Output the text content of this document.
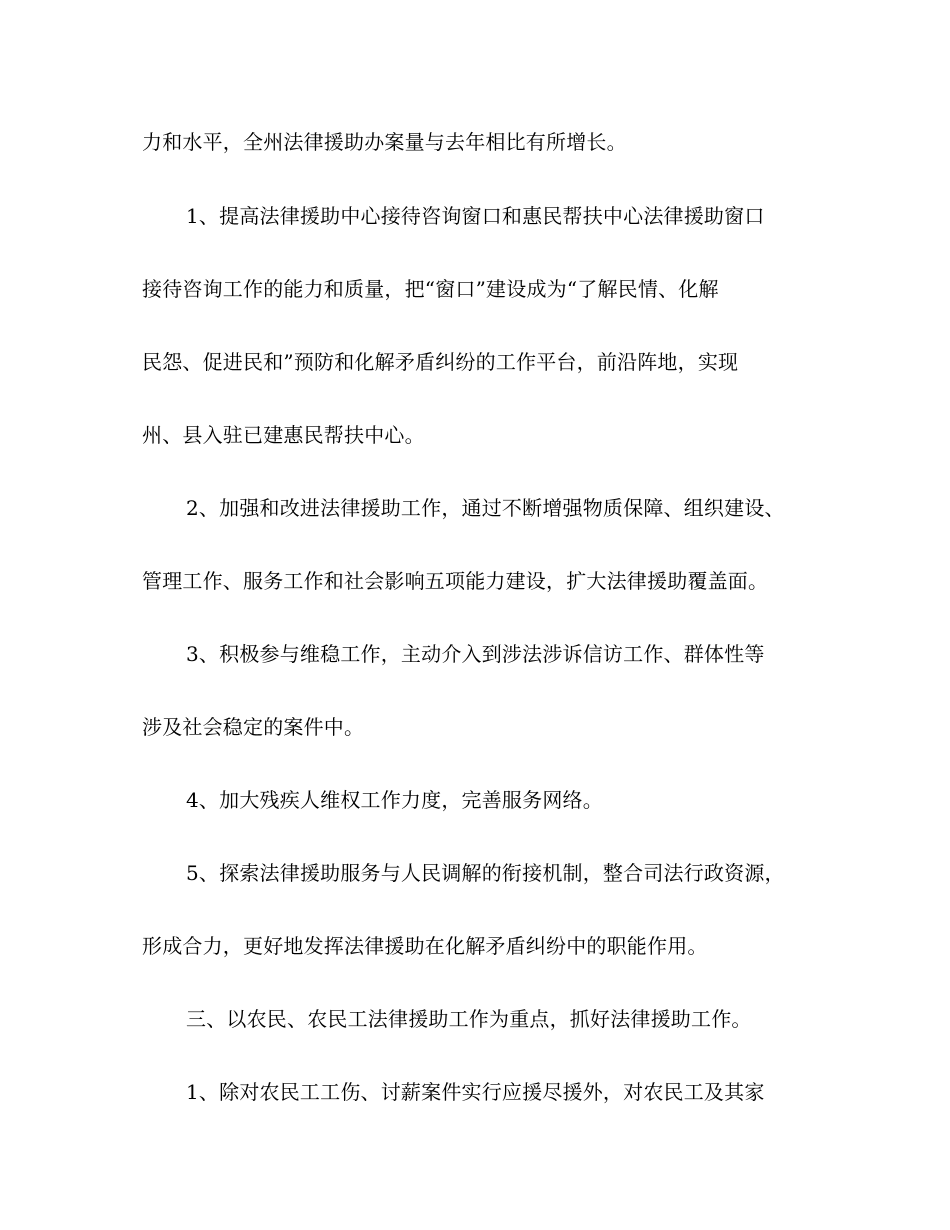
力和水平，全州法律援助办案量与去年相比有所增长。
1、提高法律援助中心接待咨询窗口和惠民帮扶中心法律援助窗口
接待咨询工作的能力和质量，把“窗口”建设成为“了解民情、化解
民怨、促进民和”预防和化解矛盾纠纷的工作平台，前沿阵地，实现
州、县入驻已建惠民帮扶中心。
2、加强和改进法律援助工作，通过不断增强物质保障、组织建设、
管理工作、服务工作和社会影响五项能力建设，扩大法律援助覆盖面。
3、积极参与维稳工作，主动介入到涉法涉诉信访工作、群体性等
涉及社会稳定的案件中。
4、加大残疾人维权工作力度，完善服务网络。
5、探索法律援助服务与人民调解的衔接机制，整合司法行政资源，
形成合力，更好地发挥法律援助在化解矛盾纠纷中的职能作用。
三、以农民、农民工法律援助工作为重点，抓好法律援助工作。
1、除对农民工工伤、讨薪案件实行应援尽援外，对农民工及其家
